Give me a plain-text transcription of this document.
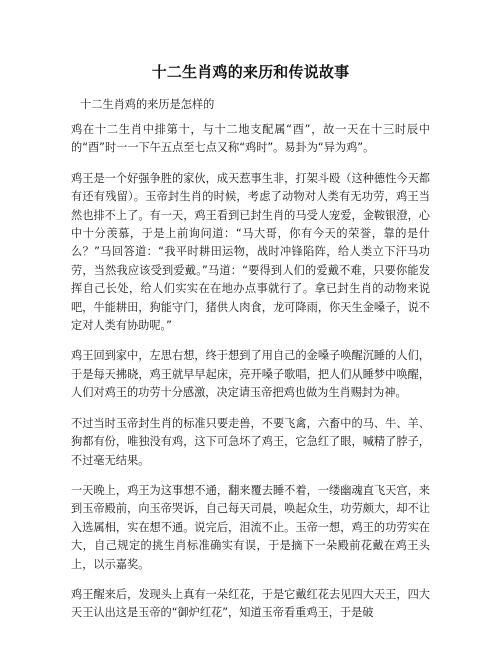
十二生肖鸡的来历和传说故事
十二生肖鸡的来历是怎样的

鸡在十二生肖中排第十，与十二地支配属“酉”，故一天在十三时辰中的“酉”时一一下午五点至七点又称“鸡时”。易卦为“异为鸡”。

鸡王是一个好强争胜的家伙，成天惹事生非，打架斗殴（这种德性今天都有还有残留）。玉帝封生肖的时候，考虑了动物对人类有无功劳，鸡王当然也排不上了。有一天，鸡王看到已封生肖的马受人宠爱，金鞍银澄，心中十分羡慕，于是上前询问道：“马大哥，你有今天的荣誉，靠的是什么？”马回答道：“我平时耕田运物，战时冲锋陷阵，给人类立下汗马功劳，当然我应该受到爱戴。”马道：“要得到人们的爱戴不难，只要你能发挥自己长处，给人们实实在在地办点事就行了。拿已封生肖的动物来说吧，牛能耕田，狗能守门，猪供人肉食，龙可降雨，你天生金嗓子，说不定对人类有协助呢。”

鸡王回到家中，左思右想，终于想到了用自己的金嗓子唤醒沉睡的人们，于是每天拂晓，鸡王就早早起床，亮开嗓子歌唱，把人们从睡梦中唤醒，人们对鸡王的功劳十分感激，决定请玉帝把鸡也做为生肖赐封为神。

不过当时玉帝封生肖的标准只要走兽，不要飞禽，六畜中的马、牛、羊、狗都有份，唯独没有鸡，这下可急坏了鸡王，它急红了眼，喊精了脖子，不过毫无结果。

一天晚上，鸡王为这事想不通，翻来覆去睡不着，一缕幽魂直飞天宫，来到玉帝殿前，向玉帝哭诉，自己每天司晨，唤起众生，功劳颇大，却不让入选属相，实在想不通。说完后，泪流不止。玉帝一想，鸡王的功劳实在大，自己规定的挑生肖标准确实有误，于是摘下一朵殿前花戴在鸡王头上，以示嘉奖。

鸡王醒来后，发现头上真有一朵红花，于是它戴红花去见四大天王，四大天王认出这是玉帝的“御炉红花”，知道玉帝看重鸡王，于是破
